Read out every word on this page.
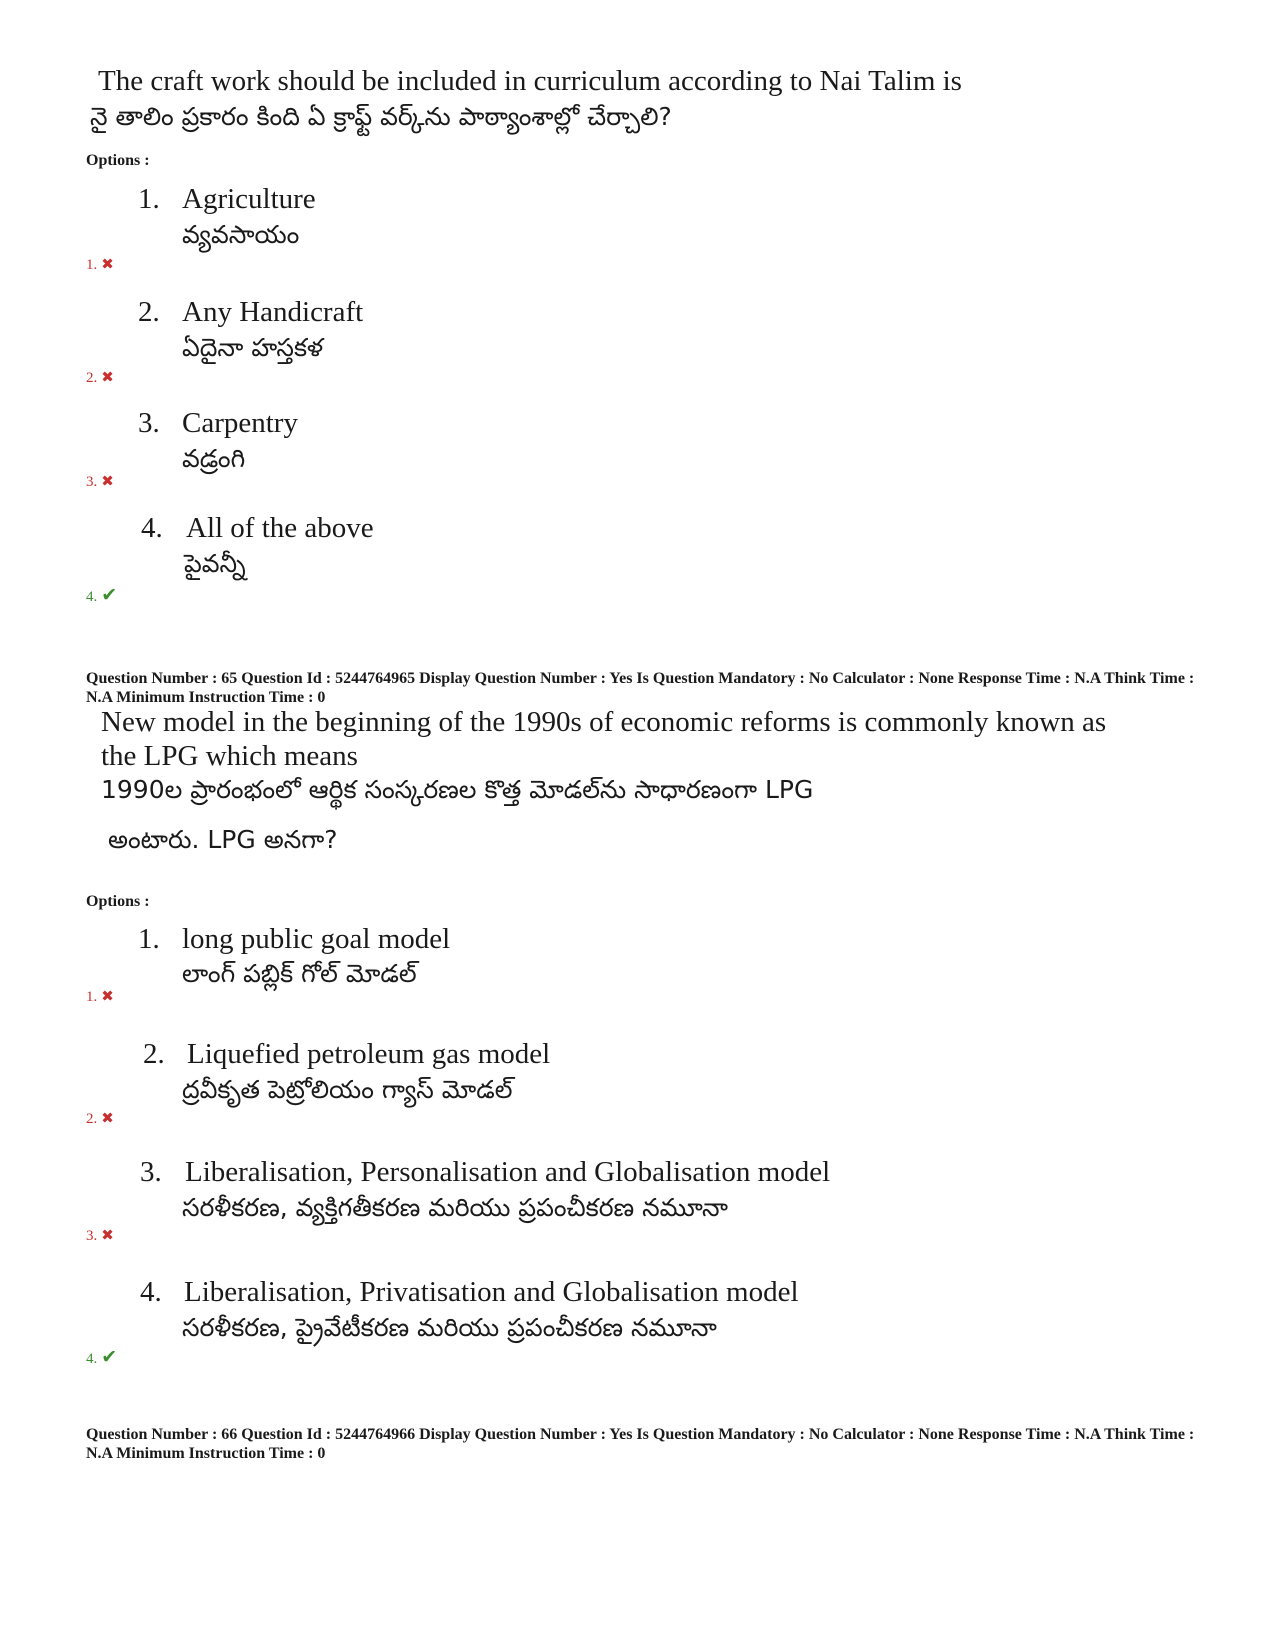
The craft work should be included in curriculum according to Nai Talim is
నై తాలిం ప్రకారం కింది ఏ క్రాఫ్ట్ వర్క్‌ను పాఠ్యాంశాల్లో చేర్చాలి?
Options :
1. Agriculture
వ్యవసాయం
1. ✖
2. Any Handicraft
ఏదైనా హస్తకళ
2. ✖
3. Carpentry
వడ్రంగి
3. ✖
4. All of the above
పైవన్నీ
4. ✔
Question Number : 65 Question Id : 5244764965 Display Question Number : Yes Is Question Mandatory : No Calculator : None Response Time : N.A Think Time : N.A Minimum Instruction Time : 0
New model in the beginning of the 1990s of economic reforms is commonly known as
the LPG which means
1990ల ప్రారంభంలో ఆర్థిక సంస్కరణల కొత్త మోడల్‌ను సాధారణంగా LPG
అంటారు. LPG అనగా?
Options :
1. long public goal model
లాంగ్ పబ్లిక్ గోల్ మోడల్
1. ✖
2. Liquefied petroleum gas model
ద్రవీకృత పెట్రోలియం గ్యాస్ మోడల్
2. ✖
3. Liberalisation, Personalisation and Globalisation model
సరళీకరణ, వ్యక్తిగతీకరణ మరియు ప్రపంచీకరణ నమూనా
3. ✖
4. Liberalisation, Privatisation and Globalisation model
సరళీకరణ, ప్రైవేటీకరణ మరియు ప్రపంచీకరణ నమూనా
4. ✔
Question Number : 66 Question Id : 5244764966 Display Question Number : Yes Is Question Mandatory : No Calculator : None Response Time : N.A Think Time : N.A Minimum Instruction Time : 0
